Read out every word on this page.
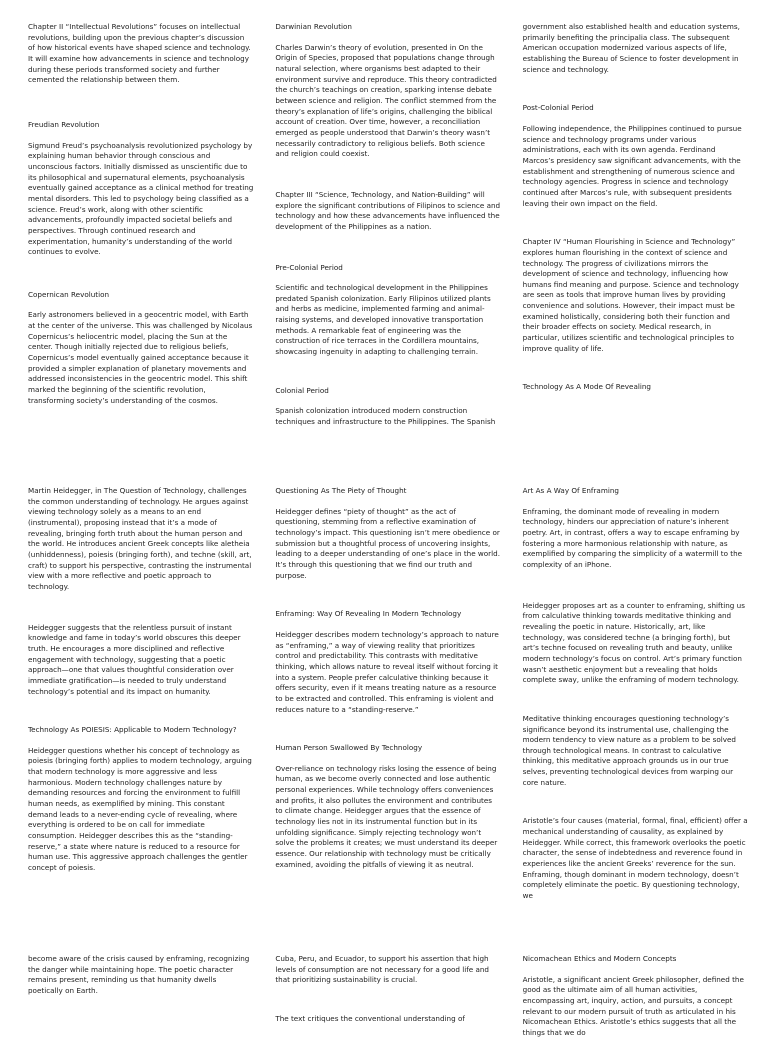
Chapter II “Intellectual Revolutions” focuses on intellectual revolutions, building upon the previous chapter’s discussion of how historical events have shaped science and technology. It will examine how advancements in science and technology during these periods transformed society and further cemented the relationship between them.

Freudian Revolution

Sigmund Freud’s psychoanalysis revolutionized psychology by explaining human behavior through conscious and unconscious factors. Initially dismissed as unscientific due to its philosophical and supernatural elements, psychoanalysis eventually gained acceptance as a clinical method for treating mental disorders. This led to psychology being classified as a science. Freud’s work, along with other scientific advancements, profoundly impacted societal beliefs and perspectives. Through continued research and experimentation, humanity’s understanding of the world continues to evolve.

Copernican Revolution

Early astronomers believed in a geocentric model, with Earth at the center of the universe. This was challenged by Nicolaus Copernicus’s heliocentric model, placing the Sun at the center. Though initially rejected due to religious beliefs, Copernicus’s model eventually gained acceptance because it provided a simpler explanation of planetary movements and addressed inconsistencies in the geocentric model. This shift marked the beginning of the scientific revolution, transforming society’s understanding of the cosmos.

Darwinian Revolution

Charles Darwin’s theory of evolution, presented in On the Origin of Species, proposed that populations change through natural selection, where organisms best adapted to their environment survive and reproduce. This theory contradicted the church’s teachings on creation, sparking intense debate between science and religion. The conflict stemmed from the theory’s explanation of life’s origins, challenging the biblical account of creation. Over time, however, a reconciliation emerged as people understood that Darwin’s theory wasn’t necessarily contradictory to religious beliefs. Both science and religion could coexist.

Chapter III “Science, Technology, and Nation-Building” will explore the significant contributions of Filipinos to science and technology and how these advancements have influenced the development of the Philippines as a nation.

Pre-Colonial Period

Scientific and technological development in the Philippines predated Spanish colonization. Early Filipinos utilized plants and herbs as medicine, implemented farming and animal-raising systems, and developed innovative transportation methods. A remarkable feat of engineering was the construction of rice terraces in the Cordillera mountains, showcasing ingenuity in adapting to challenging terrain.

Colonial Period

Spanish colonization introduced modern construction techniques and infrastructure to the Philippines. The Spanish

government also established health and education systems, primarily benefiting the principalia class. The subsequent American occupation modernized various aspects of life, establishing the Bureau of Science to foster development in science and technology.

Post-Colonial Period

Following independence, the Philippines continued to pursue science and technology programs under various administrations, each with its own agenda. Ferdinand Marcos’s presidency saw significant advancements, with the establishment and strengthening of numerous science and technology agencies. Progress in science and technology continued after Marcos’s rule, with subsequent presidents leaving their own impact on the field.

Chapter IV “Human Flourishing in Science and Technology” explores human flourishing in the context of science and technology. The progress of civilizations mirrors the development of science and technology, influencing how humans find meaning and purpose. Science and technology are seen as tools that improve human lives by providing convenience and solutions. However, their impact must be examined holistically, considering both their function and their broader effects on society. Medical research, in particular, utilizes scientific and technological principles to improve quality of life.

Technology As A Mode Of Revealing

Martin Heidegger, in The Question of Technology, challenges the common understanding of technology. He argues against viewing technology solely as a means to an end (instrumental), proposing instead that it’s a mode of revealing, bringing forth truth about the human person and the world. He introduces ancient Greek concepts like aletheia (unhiddenness), poiesis (bringing forth), and techne (skill, art, craft) to support his perspective, contrasting the instrumental view with a more reflective and poetic approach to technology.

Heidegger suggests that the relentless pursuit of instant knowledge and fame in today’s world obscures this deeper truth. He encourages a more disciplined and reflective engagement with technology, suggesting that a poetic approach—one that values thoughtful consideration over immediate gratification—is needed to truly understand technology’s potential and its impact on humanity.

Technology As POIESIS: Applicable to Modern Technology?

Heidegger questions whether his concept of technology as poiesis (bringing forth) applies to modern technology, arguing that modern technology is more aggressive and less harmonious. Modern technology challenges nature by demanding resources and forcing the environment to fulfill human needs, as exemplified by mining. This constant demand leads to a never-ending cycle of revealing, where everything is ordered to be on call for immediate consumption. Heidegger describes this as the “standing-reserve,” a state where nature is reduced to a resource for human use. This aggressive approach challenges the gentler concept of poiesis.

Questioning As The Piety of Thought

Heidegger defines “piety of thought” as the act of questioning, stemming from a reflective examination of technology’s impact. This questioning isn’t mere obedience or submission but a thoughtful process of uncovering insights, leading to a deeper understanding of one’s place in the world. It’s through this questioning that we find our truth and purpose.

Enframing: Way Of Revealing In Modern Technology

Heidegger describes modern technology’s approach to nature as “enframing,” a way of viewing reality that prioritizes control and predictability. This contrasts with meditative thinking, which allows nature to reveal itself without forcing it into a system. People prefer calculative thinking because it offers security, even if it means treating nature as a resource to be extracted and controlled. This enframing is violent and reduces nature to a “standing-reserve.”

Human Person Swallowed By Technology

Over-reliance on technology risks losing the essence of being human, as we become overly connected and lose authentic personal experiences. While technology offers conveniences and profits, it also pollutes the environment and contributes to climate change. Heidegger argues that the essence of technology lies not in its instrumental function but in its unfolding significance. Simply rejecting technology won’t solve the problems it creates; we must understand its deeper essence. Our relationship with technology must be critically examined, avoiding the pitfalls of viewing it as neutral.

Art As A Way Of Enframing

Enframing, the dominant mode of revealing in modern technology, hinders our appreciation of nature’s inherent poetry. Art, in contrast, offers a way to escape enframing by fostering a more harmonious relationship with nature, as exemplified by comparing the simplicity of a watermill to the complexity of an iPhone.

Heidegger proposes art as a counter to enframing, shifting us from calculative thinking towards meditative thinking and revealing the poetic in nature. Historically, art, like technology, was considered techne (a bringing forth), but art’s techne focused on revealing truth and beauty, unlike modern technology’s focus on control. Art’s primary function wasn’t aesthetic enjoyment but a revealing that holds complete sway, unlike the enframing of modern technology.

Meditative thinking encourages questioning technology’s significance beyond its instrumental use, challenging the modern tendency to view nature as a problem to be solved through technological means. In contrast to calculative thinking, this meditative approach grounds us in our true selves, preventing technological devices from warping our core nature.

Aristotle’s four causes (material, formal, final, efficient) offer a mechanical understanding of causality, as explained by Heidegger. While correct, this framework overlooks the poetic character, the sense of indebtedness and reverence found in experiences like the ancient Greeks’ reverence for the sun. Enframing, though dominant in modern technology, doesn’t completely eliminate the poetic. By questioning technology, we

become aware of the crisis caused by enframing, recognizing the danger while maintaining hope. The poetic character remains present, reminding us that humanity dwells poetically on Earth.

Cuba, Peru, and Ecuador, to support his assertion that high levels of consumption are not necessary for a good life and that prioritizing sustainability is crucial.

The text critiques the conventional understanding of

Nicomachean Ethics and Modern Concepts

Aristotle, a significant ancient Greek philosopher, defined the good as the ultimate aim of all human activities, encompassing art, inquiry, action, and pursuits, a concept relevant to our modern pursuit of truth as articulated in his Nicomachean Ethics. Aristotle’s ethics suggests that all the things that we do
